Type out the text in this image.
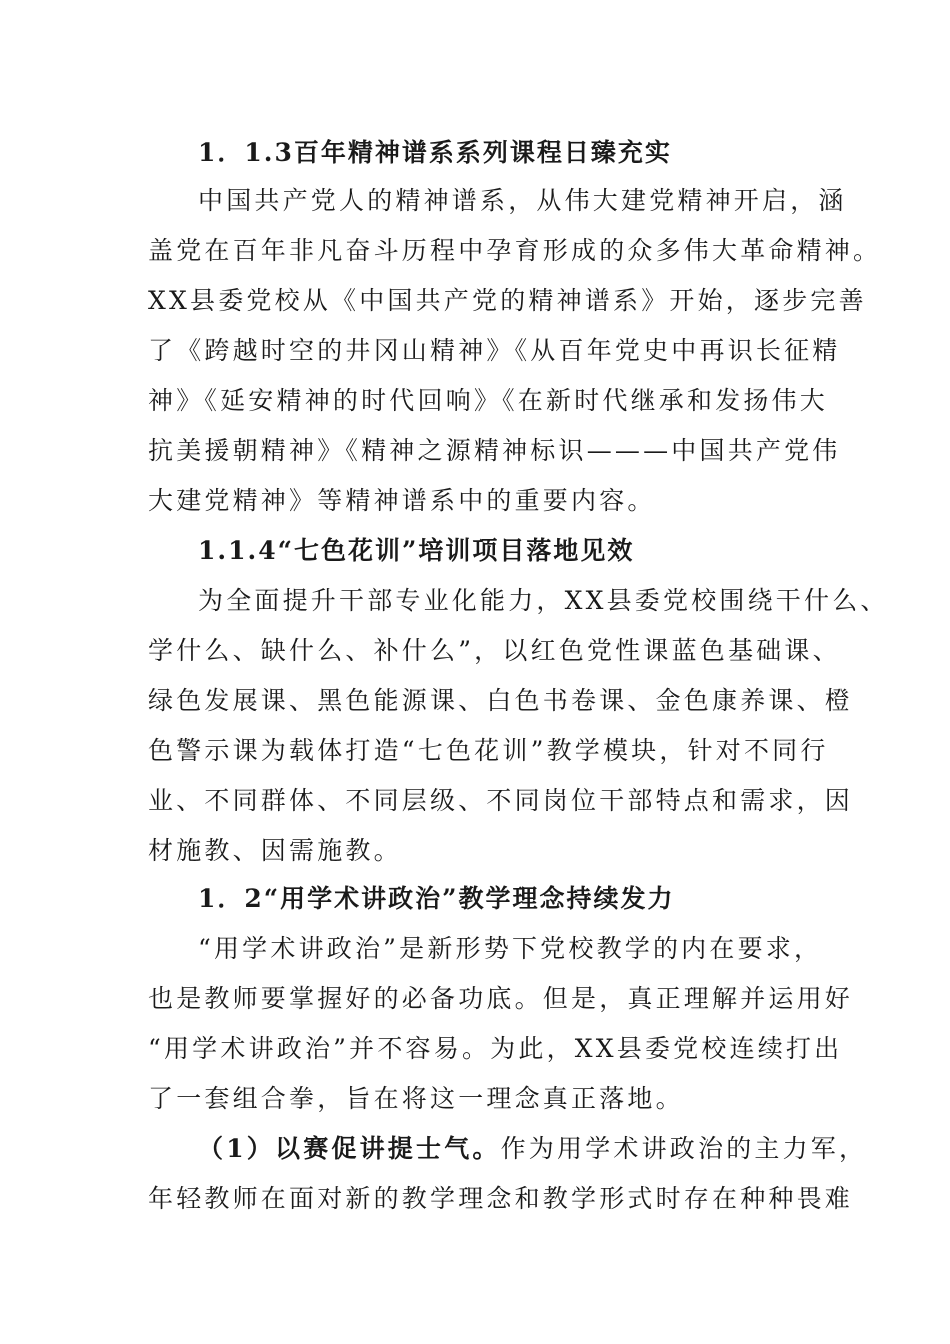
1．1.3百年精神谱系系列课程日臻充实
中国共产党人的精神谱系，从伟大建党精神开启，涵
盖党在百年非凡奋斗历程中孕育形成的众多伟大革命精神。
XX县委党校从《中国共产党的精神谱系》开始，逐步完善
了《跨越时空的井冈山精神》《从百年党史中再识长征精
神》《延安精神的时代回响》《在新时代继承和发扬伟大
抗美援朝精神》《精神之源精神标识———中国共产党伟
大建党精神》等精神谱系中的重要内容。
1.1.4“七色花训”培训项目落地见效
为全面提升干部专业化能力，XX县委党校围绕干什么、
学什么、缺什么、补什么”，以红色党性课蓝色基础课、
绿色发展课、黑色能源课、白色书卷课、金色康养课、橙
色警示课为载体打造“七色花训”教学模块，针对不同行
业、不同群体、不同层级、不同岗位干部特点和需求，因
材施教、因需施教。
1．2“用学术讲政治”教学理念持续发力
“用学术讲政治”是新形势下党校教学的内在要求，
也是教师要掌握好的必备功底。但是，真正理解并运用好
“用学术讲政治”并不容易。为此，XX县委党校连续打出
了一套组合拳，旨在将这一理念真正落地。
（1）以赛促讲提士气。作为用学术讲政治的主力军，
年轻教师在面对新的教学理念和教学形式时存在种种畏难
